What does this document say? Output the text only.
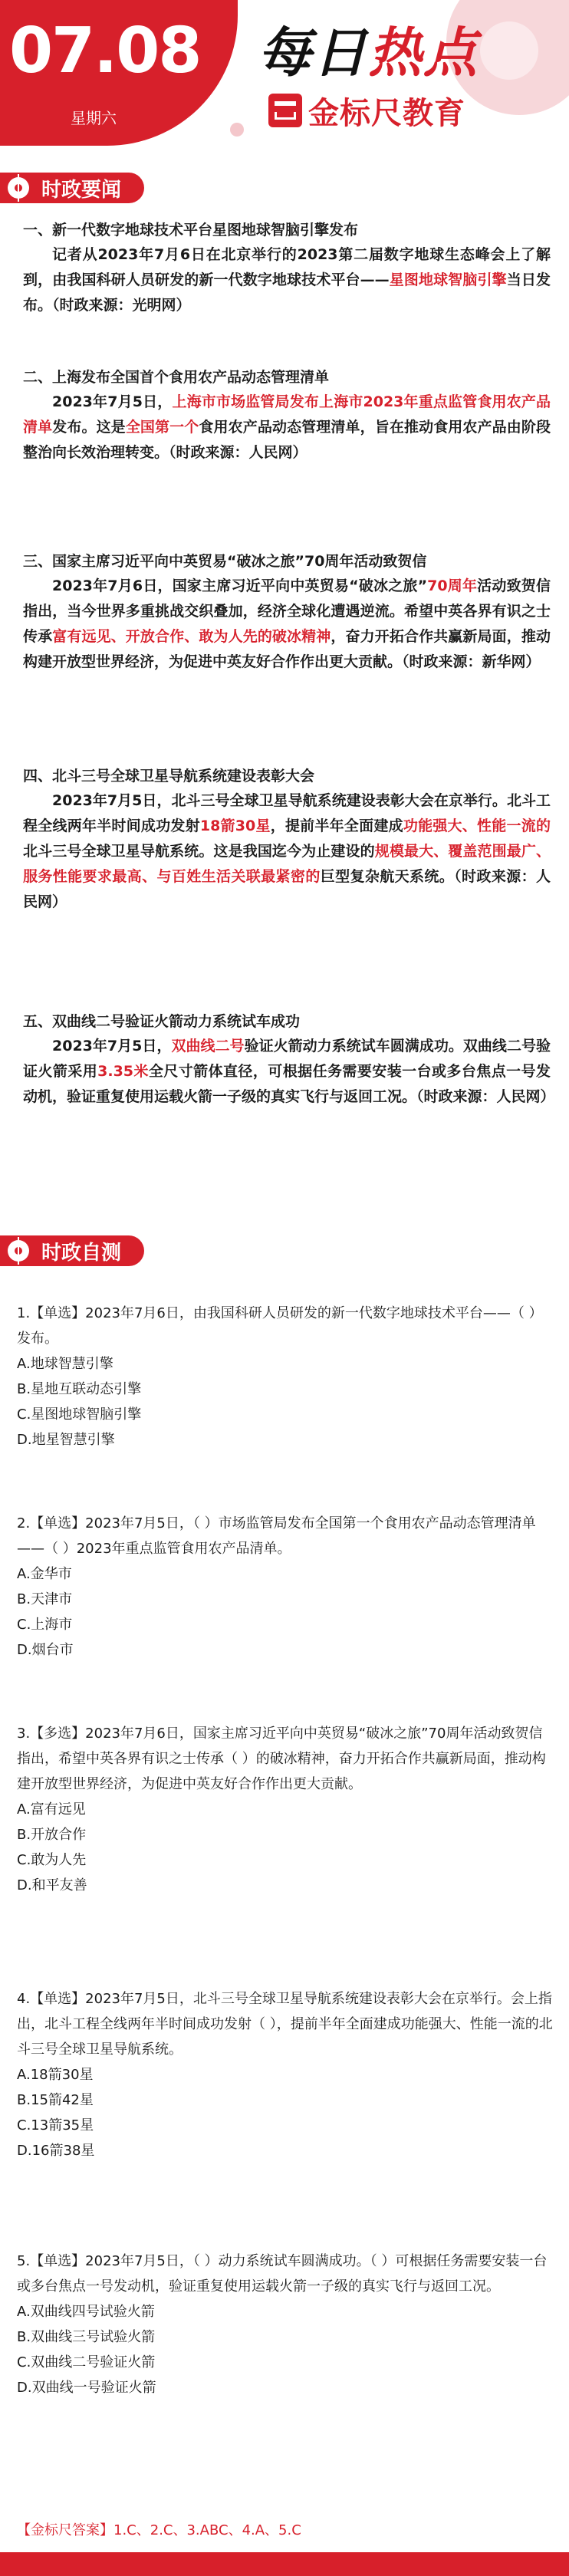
07.08
星期六
每日热点
金标尺教育
时政要闻
一、新一代数字地球技术平台星图地球智脑引擎发布
记者从2023年7月6日在北京举行的2023第二届数字地球生态峰会上了解到，由我国科研人员研发的新一代数字地球技术平台——星图地球智脑引擎当日发布。（时政来源：光明网）
二、上海发布全国首个食用农产品动态管理清单
2023年7月5日，上海市市场监管局发布上海市2023年重点监管食用农产品清单发布。这是全国第一个食用农产品动态管理清单，旨在推动食用农产品由阶段整治向长效治理转变。（时政来源：人民网）
三、国家主席习近平向中英贸易“破冰之旅”70周年活动致贺信
2023年7月6日，国家主席习近平向中英贸易“破冰之旅”70周年活动致贺信指出，当今世界多重挑战交织叠加，经济全球化遭遇逆流。希望中英各界有识之士传承富有远见、开放合作、敢为人先的破冰精神，奋力开拓合作共赢新局面，推动构建开放型世界经济，为促进中英友好合作作出更大贡献。（时政来源：新华网）
四、北斗三号全球卫星导航系统建设表彰大会
2023年7月5日，北斗三号全球卫星导航系统建设表彰大会在京举行。北斗工程全线两年半时间成功发射18箭30星，提前半年全面建成功能强大、性能一流的北斗三号全球卫星导航系统。这是我国迄今为止建设的规模最大、覆盖范围最广、服务性能要求最高、与百姓生活关联最紧密的巨型复杂航天系统。（时政来源：人民网）
五、双曲线二号验证火箭动力系统试车成功
2023年7月5日，双曲线二号验证火箭动力系统试车圆满成功。双曲线二号验证火箭采用3.35米全尺寸箭体直径，可根据任务需要安装一台或多台焦点一号发动机，验证重复使用运载火箭一子级的真实飞行与返回工况。（时政来源：人民网）
时政自测
1.【单选】2023年7月6日，由我国科研人员研发的新一代数字地球技术平台——（ ）发布。
A.地球智慧引擎
B.星地互联动态引擎
C.星图地球智脑引擎
D.地星智慧引擎
2.【单选】2023年7月5日，（ ）市场监管局发布全国第一个食用农产品动态管理清单——（ ）2023年重点监管食用农产品清单。
A.金华市
B.天津市
C.上海市
D.烟台市
3.【多选】2023年7月6日，国家主席习近平向中英贸易“破冰之旅”70周年活动致贺信指出，希望中英各界有识之士传承（ ）的破冰精神，奋力开拓合作共赢新局面，推动构建开放型世界经济，为促进中英友好合作作出更大贡献。
A.富有远见
B.开放合作
C.敢为人先
D.和平友善
4.【单选】2023年7月5日，北斗三号全球卫星导航系统建设表彰大会在京举行。会上指出，北斗工程全线两年半时间成功发射（ ），提前半年全面建成功能强大、性能一流的北斗三号全球卫星导航系统。
A.18箭30星
B.15箭42星
C.13箭35星
D.16箭38星
5.【单选】2023年7月5日，（ ）动力系统试车圆满成功。（ ）可根据任务需要安装一台或多台焦点一号发动机，验证重复使用运载火箭一子级的真实飞行与返回工况。
A.双曲线四号试验火箭
B.双曲线三号试验火箭
C.双曲线二号验证火箭
D.双曲线一号验证火箭
【金标尺答案】1.C、2.C、3.ABC、4.A、5.C
